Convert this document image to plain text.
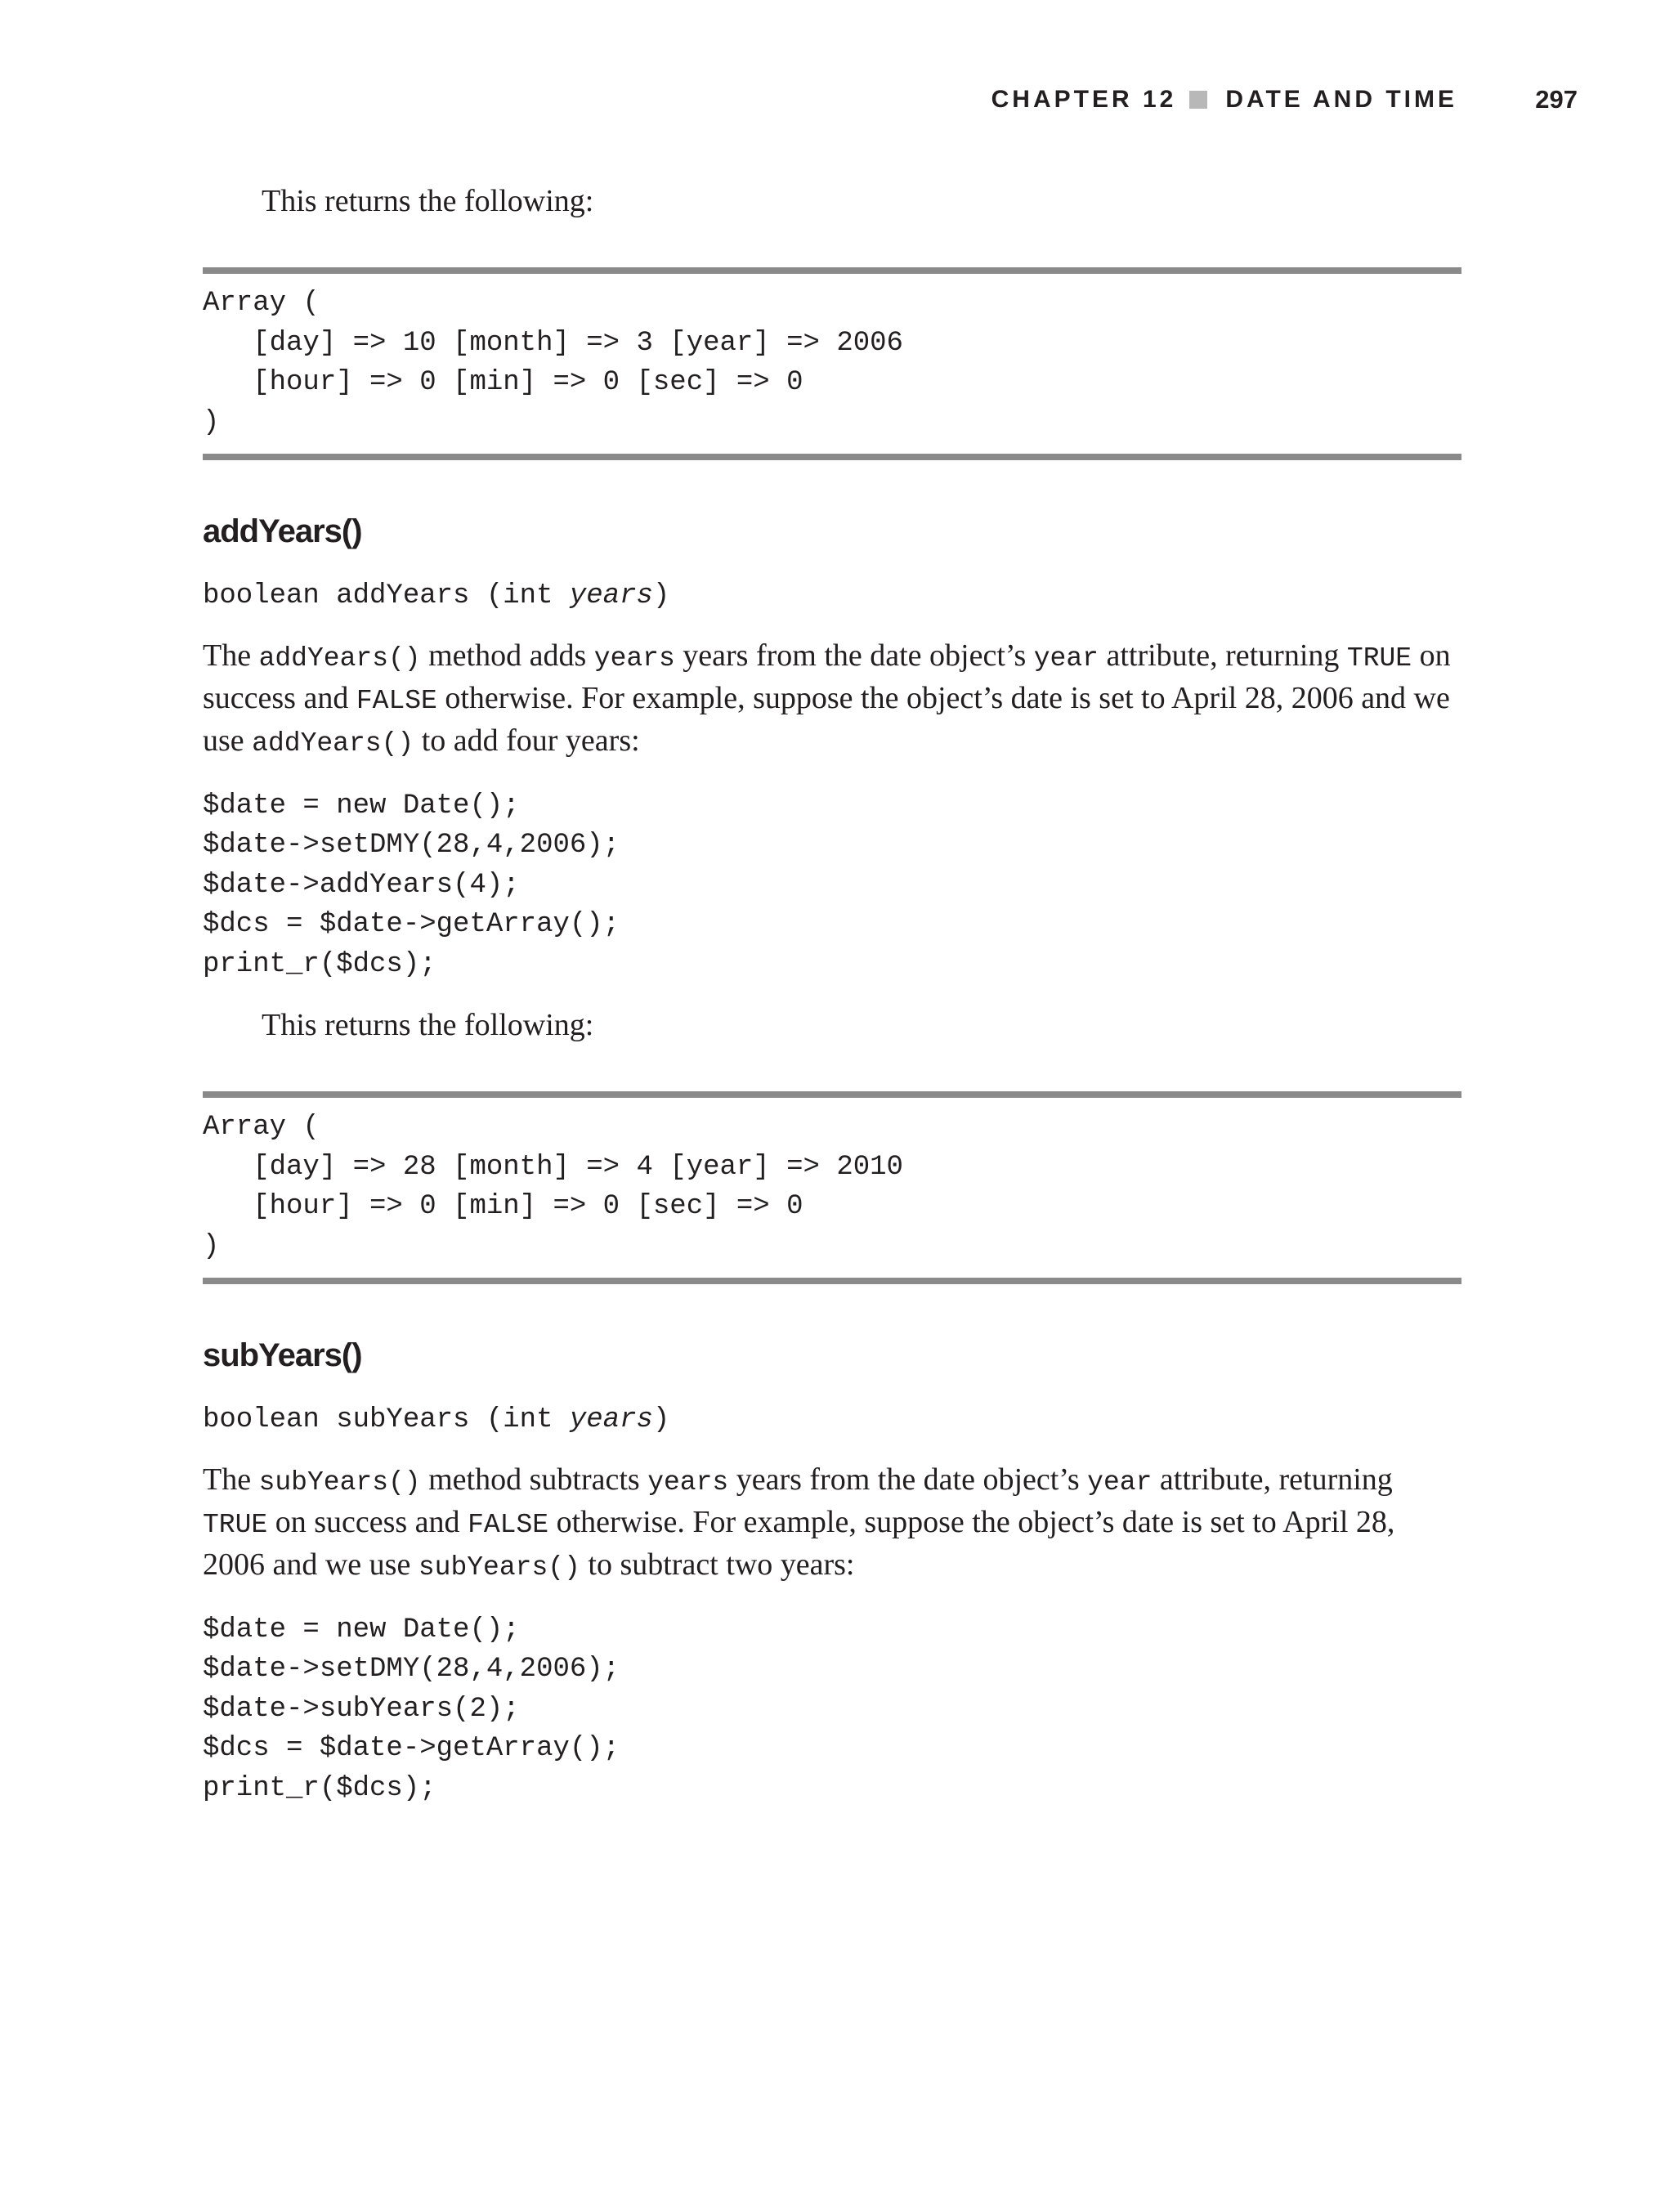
CHAPTER 12 DATE AND TIME	297

This returns the following:

Array (
[day] => 10 [month] => 3 [year] => 2006
[hour] => 0 [min] => 0 [sec] => 0
)
addYears()
boolean addYears (int years)

The addYears() method adds years years from the date object’s year attribute, returning TRUE on success and FALSE otherwise. For example, suppose the object’s date is set to April 28, 2006 and we use addYears() to add four years:

$date = new Date();
$date->setDMY(28,4,2006);
$date->addYears(4);
$dcs = $date->getArray();
print_r($dcs);

This returns the following:

Array (
[day] => 28 [month] => 4 [year] => 2010
[hour] => 0 [min] => 0 [sec] => 0
)
subYears()
boolean subYears (int years)

The subYears() method subtracts years years from the date object’s year attribute, returning TRUE on success and FALSE otherwise. For example, suppose the object’s date is set to April 28, 2006 and we use subYears() to subtract two years:

$date = new Date();
$date->setDMY(28,4,2006);
$date->subYears(2);
$dcs = $date->getArray();
print_r($dcs);
